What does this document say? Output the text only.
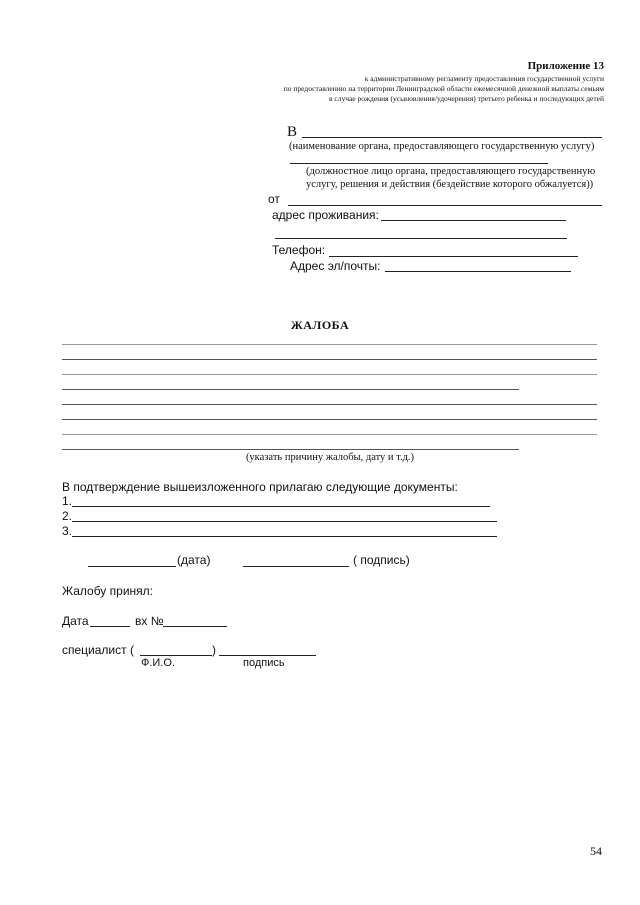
Приложение 13
к административному регламенту предоставления государственной услуги
по предоставлению на территории Ленинградской области ежемесячной денежной выплаты семьям
в случае рождения (усыновления/удочерения) третьего ребенка и последующих детей
В
(наименование органа, предоставляющего государственную услугу)
(должностное лицо органа, предоставляющего государственную
услугу, решения и действия (бездействие которого обжалуется))
от
адрес проживания:
Телефон:
Адрес эл/почты:
ЖАЛОБА
(указать причину жалобы, дату и т.д.)
В подтверждение вышеизложенного прилагаю следующие документы:
1.
2.
3.
(дата)	( подпись)
Жалобу принял:
Дата	вх №
специалист (	)
Ф.И.О.	подпись
54
